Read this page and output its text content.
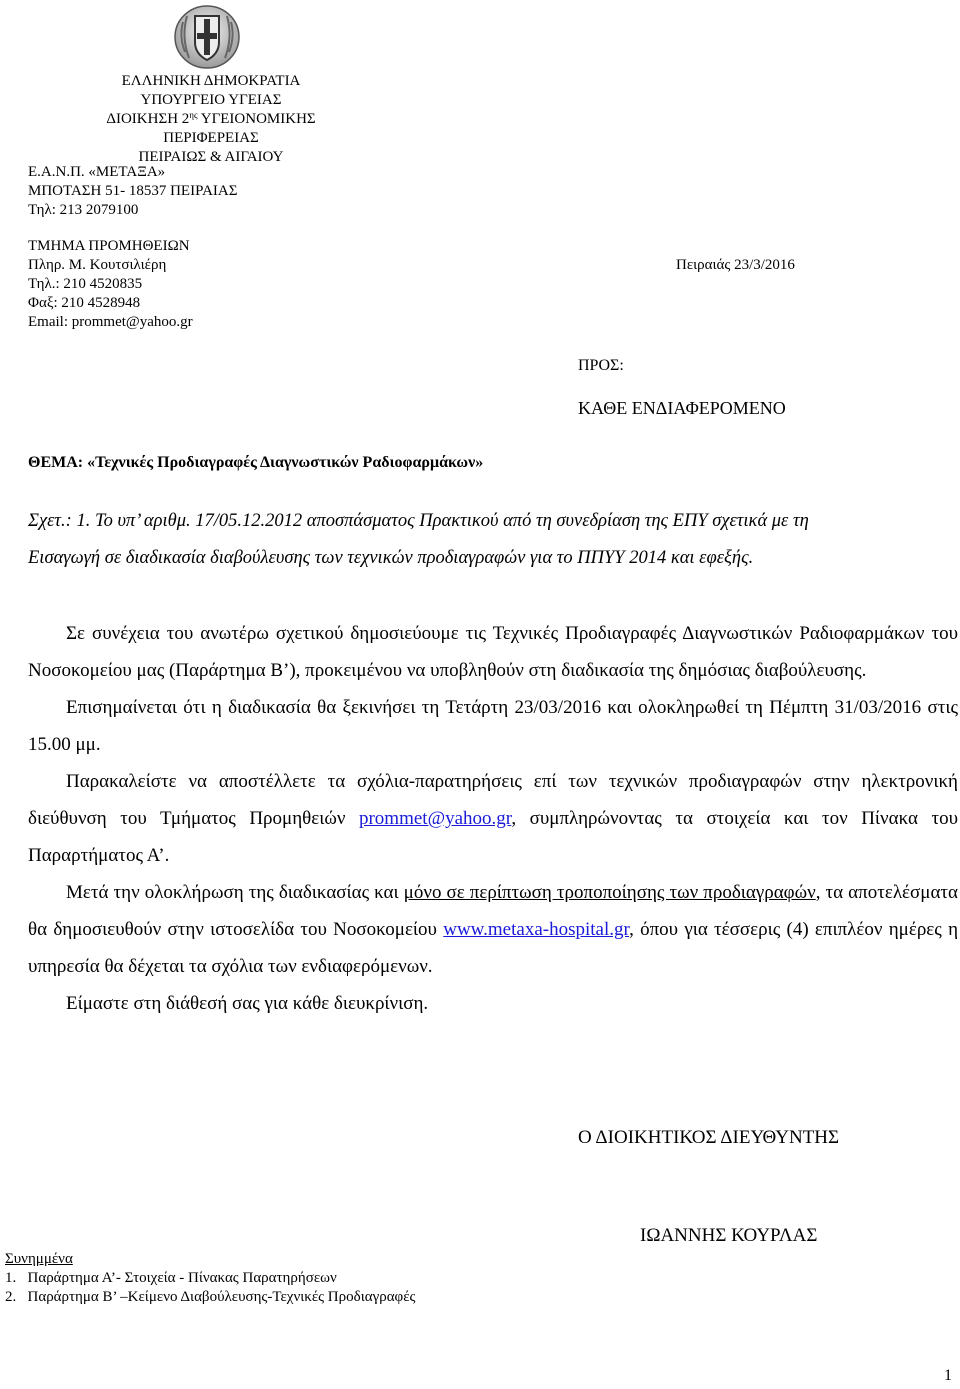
ΕΛΛΗΝΙΚΗ ΔΗΜΟΚΡΑΤΙΑ
ΥΠΟΥΡΓΕΙΟ ΥΓΕΙΑΣ
ΔΙΟΙΚΗΣΗ $2^{\eta\varsigma}$ ΥΓΕΙΟΝΟΜΙΚΗΣ ΠΕΡΙΦΕΡΕΙΑΣ
ΠΕΙΡΑΙΩΣ & ΑΙΓΑΙΟΥ
Ε.Α.Ν.Π. «ΜΕΤΑΞΑ»
ΜΠΟΤΑΣΗ 51- 18537 ΠΕΙΡΑΙΑΣ
Τηλ: 213 2079100
ΤΜΗΜΑ ΠΡΟΜΗΘΕΙΩΝ
Πληρ. Μ. Κουτσιλιέρη
Τηλ.: 210 4520835
Φαξ: 210 4528948
Email: prommet@yahoo.gr
Πειραιάς 23/3/2016
ΠΡΟΣ:
ΚΑΘΕ ΕΝΔΙΑΦΕΡΟΜΕΝΟ
ΘΕΜΑ: «Τεχνικές Προδιαγραφές Διαγνωστικών Ραδιοφαρμάκων»
Σχετ.: 1. Το υπ’ αριθμ. 17/05.12.2012 αποσπάσματος Πρακτικού από τη συνεδρίαση της ΕΠΥ σχετικά με τη
Εισαγωγή σε διαδικασία διαβούλευσης των τεχνικών προδιαγραφών για το ΠΠΥΥ 2014 και εφεξής.

Σε συνέχεια του ανωτέρω σχετικού δημοσιεύουμε τις Τεχνικές Προδιαγραφές Διαγνωστικών Ραδιοφαρμάκων του Νοσοκομείου μας (Παράρτημα Β’), προκειμένου να υποβληθούν στη διαδικασία της δημόσιας διαβούλευσης.

Επισημαίνεται ότι η διαδικασία θα ξεκινήσει τη Τετάρτη 23/03/2016 και ολοκληρωθεί τη Πέμπτη 31/03/2016 στις 15.00 μμ.

Παρακαλείστε να αποστέλλετε τα σχόλια-παρατηρήσεις επί των τεχνικών προδιαγραφών στην ηλεκτρονική διεύθυνση του Τμήματος Προμηθειών prommet@yahoo.gr, συμπληρώνοντας τα στοιχεία και τον Πίνακα του Παραρτήματος Α’.

Μετά την ολοκλήρωση της διαδικασίας και μόνο σε περίπτωση τροποποίησης των προδιαγραφών, τα αποτελέσματα θα δημοσιευθούν στην ιστοσελίδα του Νοσοκομείου www.metaxa-hospital.gr, όπου για τέσσερις (4) επιπλέον ημέρες η υπηρεσία θα δέχεται τα σχόλια των ενδιαφερόμενων.

Είμαστε στη διάθεσή σας για κάθε διευκρίνιση.

Ο ΔΙΟΙΚΗΤΙΚΟΣ ΔΙΕΥΘΥΝΤΗΣ
ΙΩΑΝΝΗΣ ΚΟΥΡΛΑΣ
Συνημμένα
1.   Παράρτημα Α’- Στοιχεία - Πίνακας Παρατηρήσεων
2.   Παράρτημα Β’ –Κείμενο Διαβούλευσης-Τεχνικές Προδιαγραφές
1
